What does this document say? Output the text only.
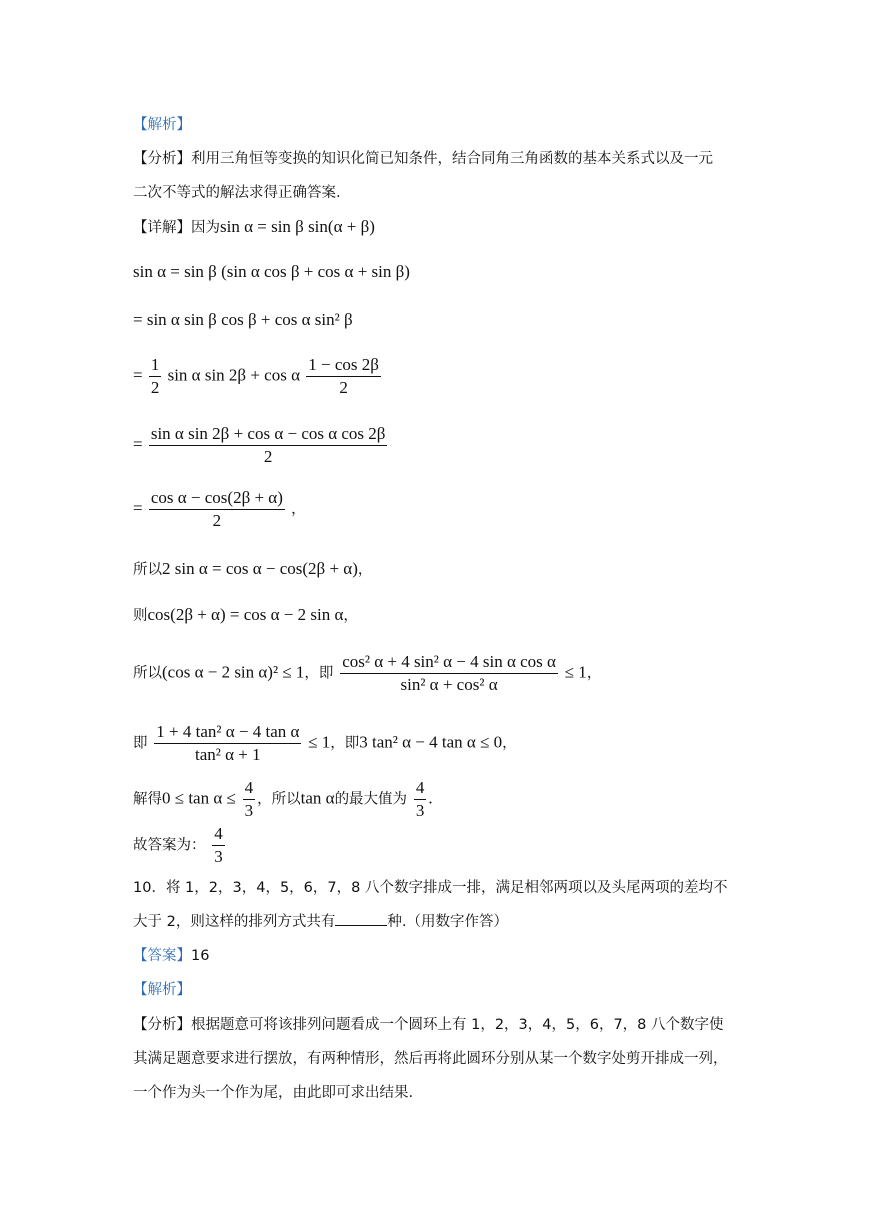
【解析】
【分析】利用三角恒等变换的知识化简已知条件，结合同角三角函数的基本关系式以及一元
二次不等式的解法求得正确答案.
【详解】因为sin α = sin β sin(α + β)
sin α = sin β (sin α cos β + cos α + sin β)
= sin α sin β cos β + cos α sin² β
= $\frac{1}{2}$ sin α sin 2β + cos α $\frac{1 - \cos 2\beta}{2}$
= $\frac{\text{sin α sin 2β + cos α − cos α cos 2β}}{2}$
= $\frac{\text{cos α − cos(2β + α)}}{2}$ ，
所以2 sin α = cos α − cos(2β + α)，
则cos(2β + α) = cos α − 2 sin α，
所以(cos α − 2 sin α)² ≤ 1，即 $\frac{\text{cos² α + 4 sin² α − 4 sin α cos α}}{\text{sin² α + cos² α}} \le 1$，
即 $\frac{\text{1 + 4 tan² α − 4 tan α}}{\text{tan² α + 1}} \le 1$，即3 tan² α − 4 tan α ≤ 0，
解得$0 \le \tan \alpha \le \frac{4}{3}$ ，所以tan α的最大值为 $\frac{4}{3}$ .
故答案为： $\frac{4}{3}$
10．将 1，2，3，4，5，6，7，8 八个数字排成一排，满足相邻两项以及头尾两项的差均不
大于 2，则这样的排列方式共有	种.（用数字作答）
【答案】16
【解析】
【分析】根据题意可将该排列问题看成一个圆环上有 1，2，3，4，5，6，7，8 八个数字使
其满足题意要求进行摆放，有两种情形，然后再将此圆环分别从某一个数字处剪开排成一列，
一个作为头一个作为尾，由此即可求出结果.
